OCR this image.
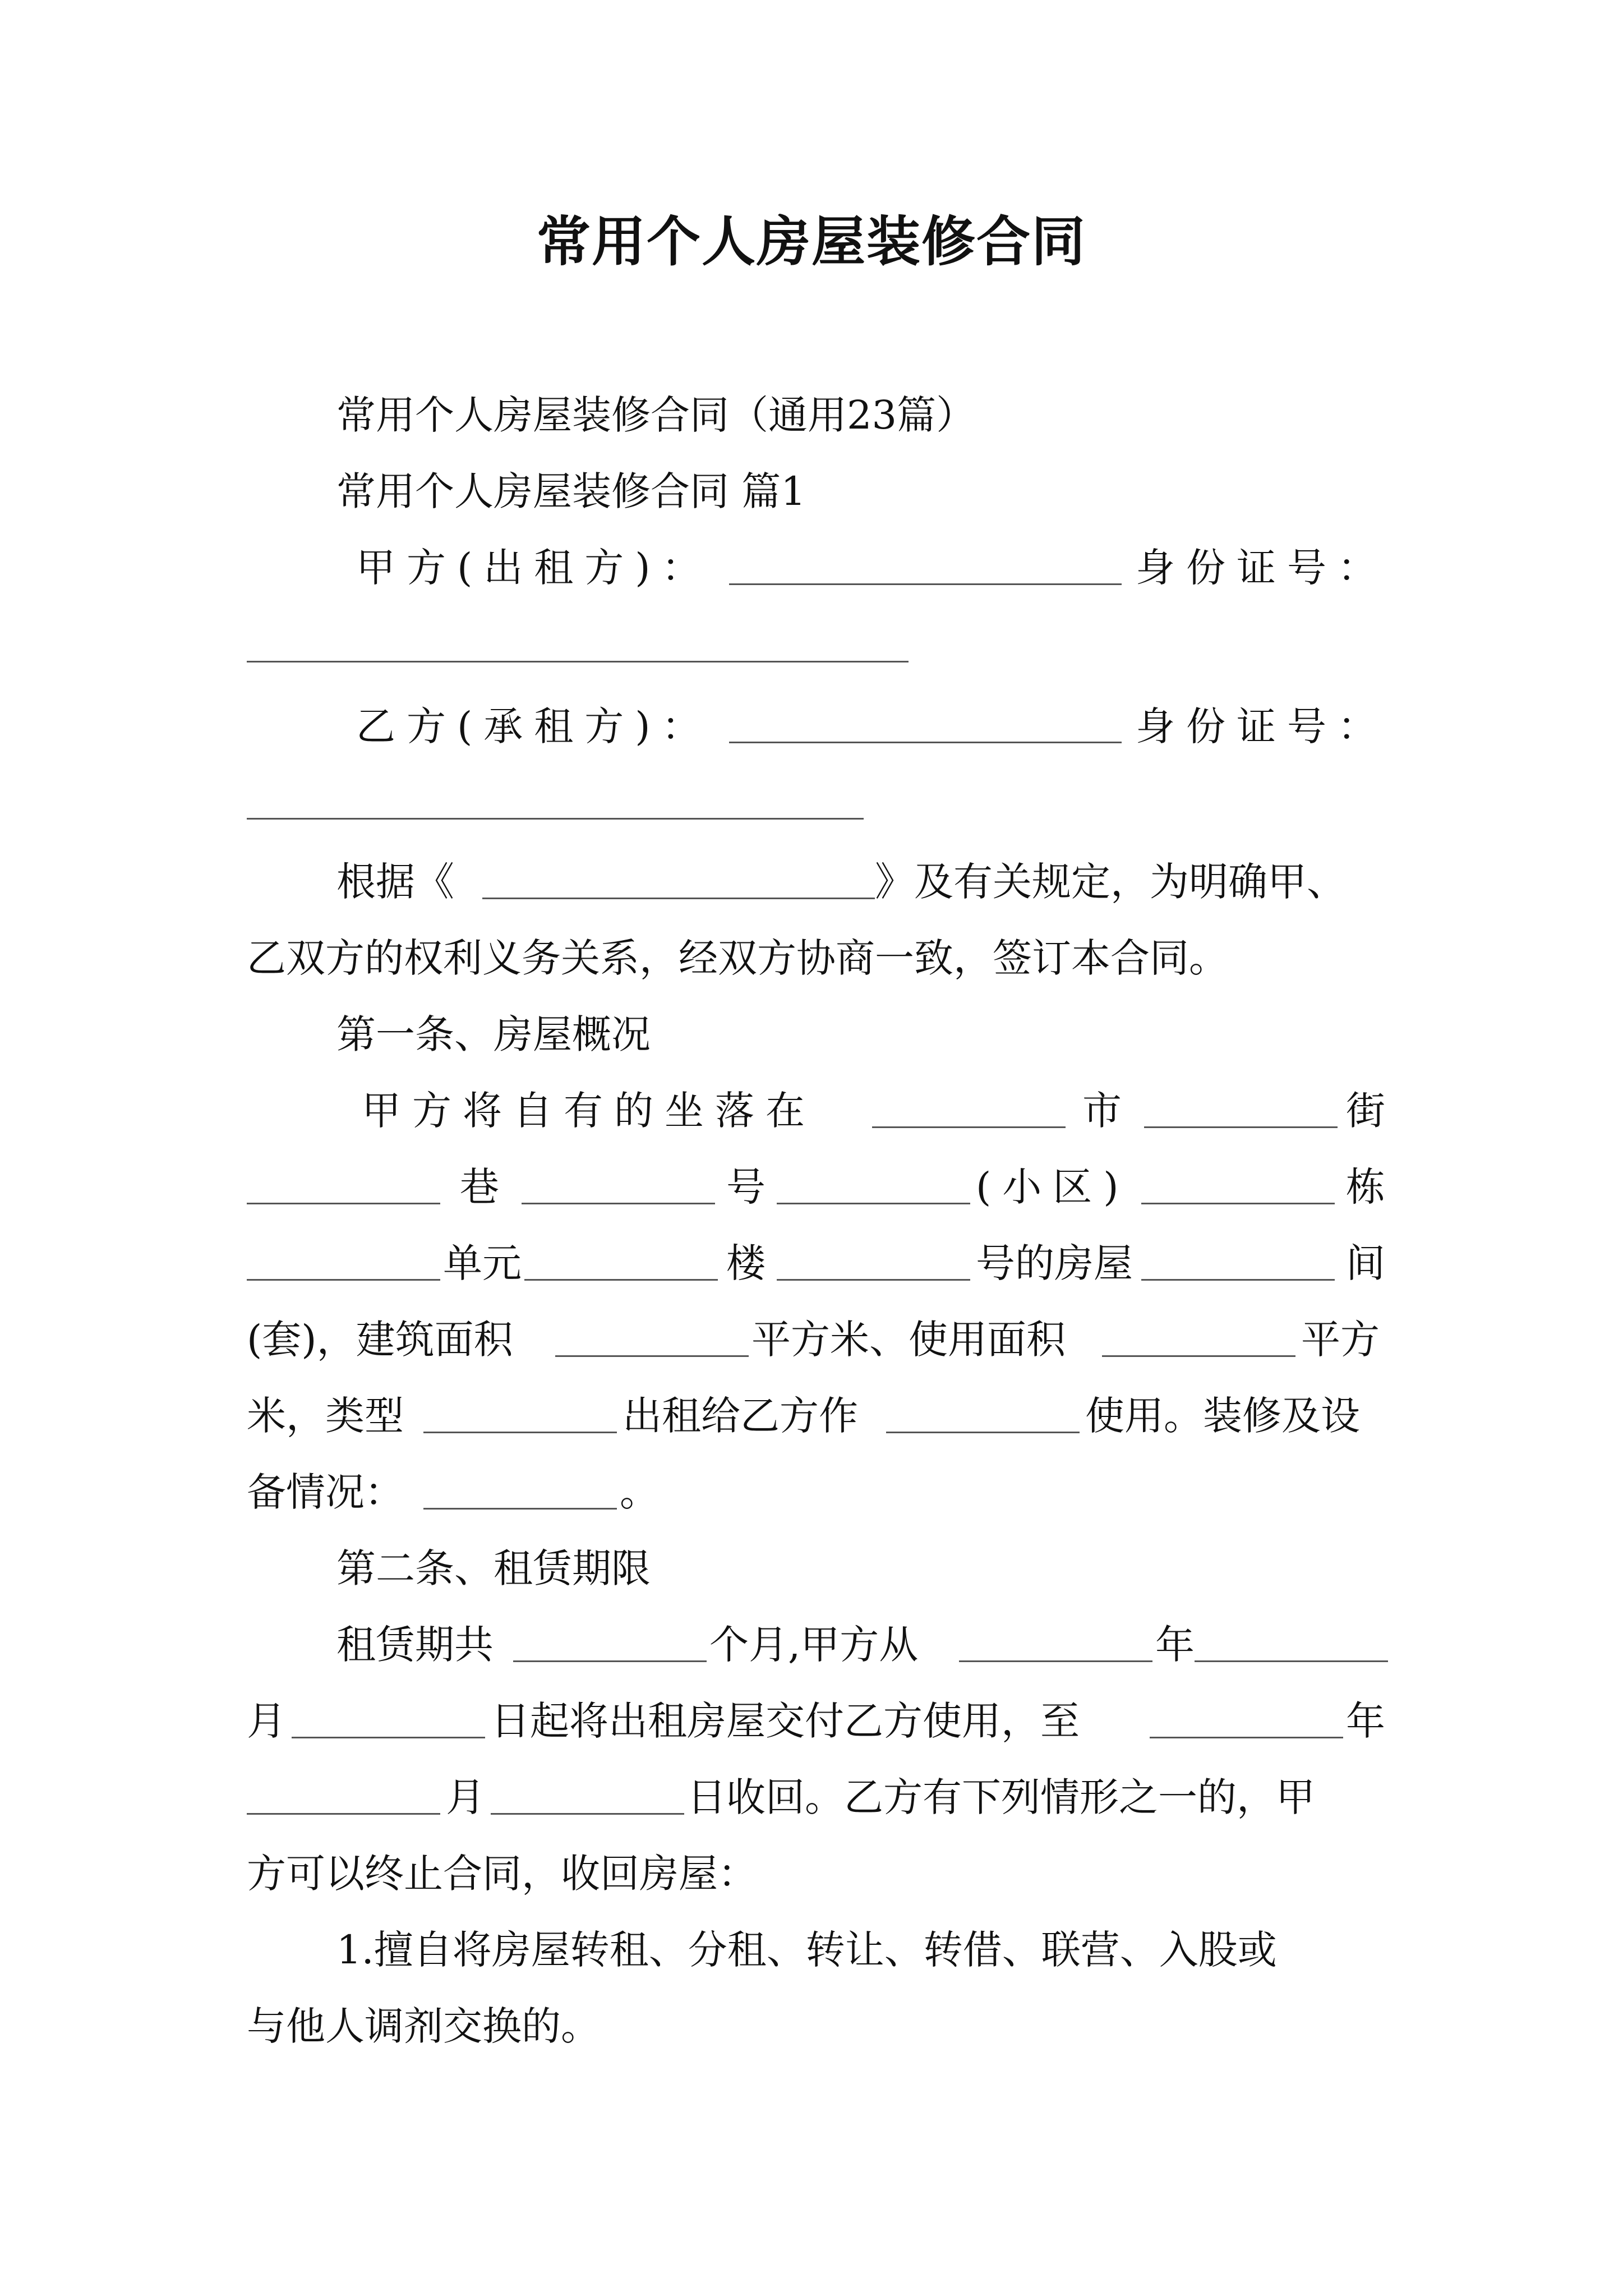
常用个人房屋装修合同
常用个人房屋装修合同（通用23篇）
常用个人房屋装修合同 篇1
甲方(出租方)：	身份证号：
乙方(承租方)：	身份证号：
根据《	》及有关规定，为明确甲、
乙双方的权利义务关系，经双方协商一致，签订本合同。
第一条、房屋概况
甲方将自有的坐落在	市	街
巷	号	(小区)	栋
单元	楼	号的房屋	间
(套)，建筑面积	平方米、使用面积	平方
米，类型	出租给乙方作	使用。装修及设
备情况：	。
第二条、租赁期限
租赁期共	个月,甲方从	年
月	日起将出租房屋交付乙方使用，至	年
月	日收回。乙方有下列情形之一的，甲
方可以终止合同，收回房屋：
1.擅自将房屋转租、分租、转让、转借、联营、入股或
与他人调剂交换的。
